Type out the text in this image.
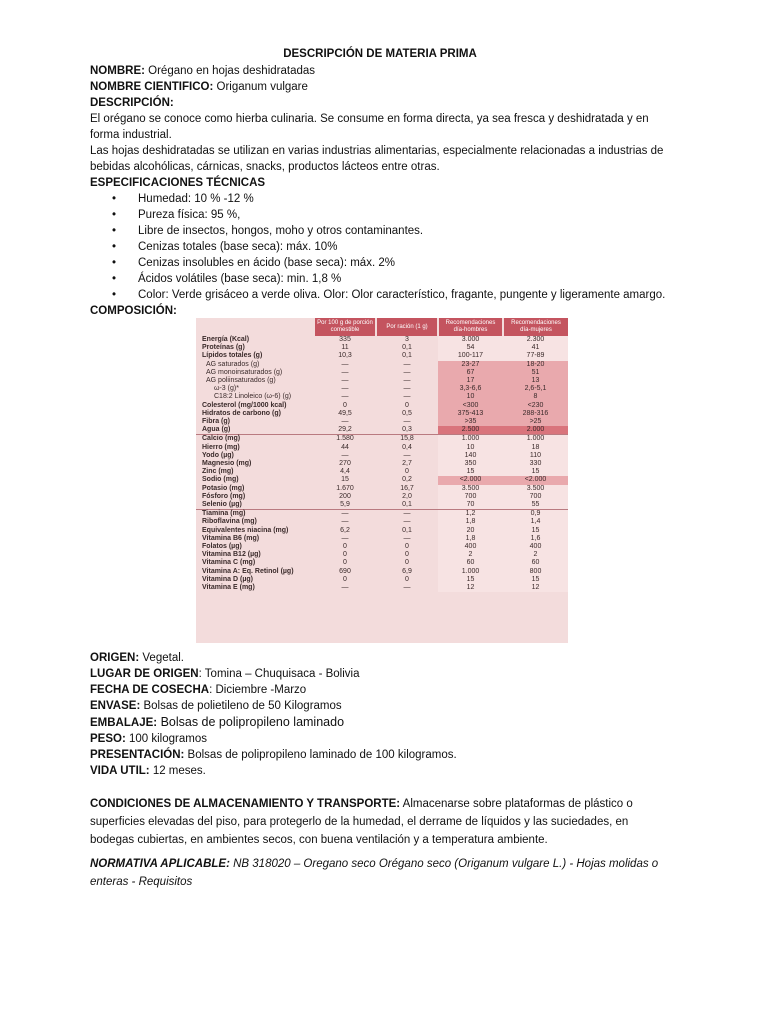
DESCRIPCIÓN DE MATERIA PRIMA

NOMBRE: Orégano en hojas deshidratadas

NOMBRE CIENTIFICO: Origanum vulgare

DESCRIPCIÓN:

El orégano se conoce como hierba culinaria. Se consume en forma directa, ya sea fresca y deshidratada y en forma industrial.

Las hojas deshidratadas se utilizan en varias industrias alimentarias, especialmente relacionadas a industrias de bebidas alcohólicas, cárnicas, snacks, productos lácteos entre otras.

ESPECIFICACIONES TÉCNICAS

• Humedad: 10 % -12 %
• Pureza física: 95 %,
• Libre de insectos, hongos, moho y otros contaminantes.
• Cenizas totales (base seca): máx. 10%
• Cenizas insolubles en ácido (base seca): máx. 2%
• Ácidos volátiles (base seca): min. 1,8 %
• Color: Verde grisáceo a verde oliva. Olor: Olor característico, fragante, pungente y ligeramente amargo.

COMPOSICIÓN:

ORIGEN: Vegetal.

LUGAR DE ORIGEN: Tomina – Chuquisaca - Bolivia

FECHA DE COSECHA: Diciembre -Marzo

ENVASE: Bolsas de polietileno de 50 Kilogramos

EMBALAJE: Bolsas de polipropileno laminado

PESO: 100 kilogramos

PRESENTACIÓN: Bolsas de polipropileno laminado de 100 kilogramos.

VIDA UTIL: 12 meses.

CONDICIONES DE ALMACENAMIENTO Y TRANSPORTE: Almacenarse sobre plataformas de plástico o superficies elevadas del piso, para protegerlo de la humedad, el derrame de líquidos y las suciedades, en bodegas cubiertas, en ambientes secos, con buena ventilación y a temperatura ambiente.

NORMATIVA APLICABLE: NB 318020 – Oregano seco Orégano seco (Origanum vulgare L.) - Hojas molidas o enteras - Requisitos

	Por 100 g de porción comestible	Por ración (1 g)	Recomendaciones día-hombres	Recomendaciones día-mujeres
Energía (Kcal)	335	3	3.000	2.300
Proteínas (g)	11	0,1	54	41
Lípidos totales (g)	10,3	0,1	100-117	77-89
AG saturados (g)	—	—	23-27	18-20
AG monoinsaturados (g)	—	—	67	51
AG poliinsaturados (g)	—	—	17	13
ω-3 (g)*	—	—	3,3-6,6	2,6-5,1
C18:2 Linoleico (ω-6) (g)	—	—	10	8
Colesterol (mg/1000 kcal)	0	0	<300	<230
Hidratos de carbono (g)	49,5	0,5	375-413	288-316
Fibra (g)	—	—	>35	>25
Agua (g)	29,2	0,3	2.500	2.000
Calcio (mg)	1.580	15,8	1.000	1.000
Hierro (mg)	44	0,4	10	18
Yodo (µg)	—	—	140	110
Magnesio (mg)	270	2,7	350	330
Zinc (mg)	4,4	0	15	15
Sodio (mg)	15	0,2	<2.000	<2.000
Potasio (mg)	1.670	16,7	3.500	3.500
Fósforo (mg)	200	2,0	700	700
Selenio (µg)	5,9	0,1	70	55
Tiamina (mg)	—	—	1,2	0,9
Riboflavina (mg)	—	—	1,8	1,4
Equivalentes niacina (mg)	6,2	0,1	20	15
Vitamina B6 (mg)	—	—	1,8	1,6
Folatos (µg)	0	0	400	400
Vitamina B12 (µg)	0	0	2	2
Vitamina C (mg)	0	0	60	60
Vitamina A: Eq. Retinol (µg)	690	6,9	1.000	800
Vitamina D (µg)	0	0	15	15
Vitamina E (mg)	—	—	12	12
